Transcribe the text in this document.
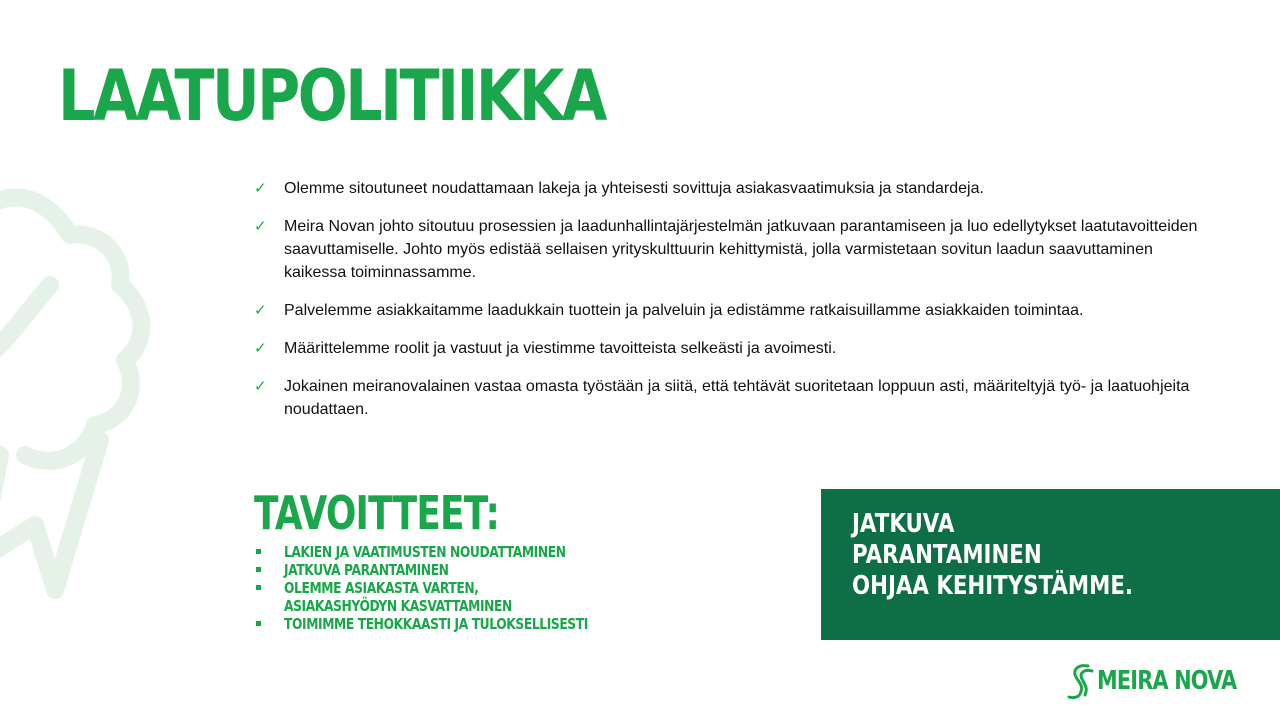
LAATUPOLITIIKKA
✓ Olemme sitoutuneet noudattamaan lakeja ja yhteisesti sovittuja asiakasvaatimuksia ja standardeja.
✓ Meira Novan johto sitoutuu prosessien ja laadunhallintajärjestelmän jatkuvaan parantamiseen ja luo edellytykset laatutavoitteiden saavuttamiselle. Johto myös edistää sellaisen yrityskulttuurin kehittymistä, jolla varmistetaan sovitun laadun saavuttaminen kaikessa toiminnassamme.
✓ Palvelemme asiakkaitamme laadukkain tuottein ja palveluin ja edistämme ratkaisuillamme asiakkaiden toimintaa.
✓ Määrittelemme roolit ja vastuut ja viestimme tavoitteista selkeästi ja avoimesti.
✓ Jokainen meiranovalainen vastaa omasta työstään ja siitä, että tehtävät suoritetaan loppuun asti, määriteltyjä työ- ja laatuohjeita noudattaen.
TAVOITTEET:
LAKIEN JA VAATIMUSTEN NOUDATTAMINEN
JATKUVA PARANTAMINEN
OLEMME ASIAKASTA VARTEN,
ASIAKASHYÖDYN KASVATTAMINEN
TOIMIMME TEHOKKAASTI JA TULOKSELLISESTI

JATKUVA
PARANTAMINEN
OHJAA KEHITYSTÄMME.

MEIRA NOVA
